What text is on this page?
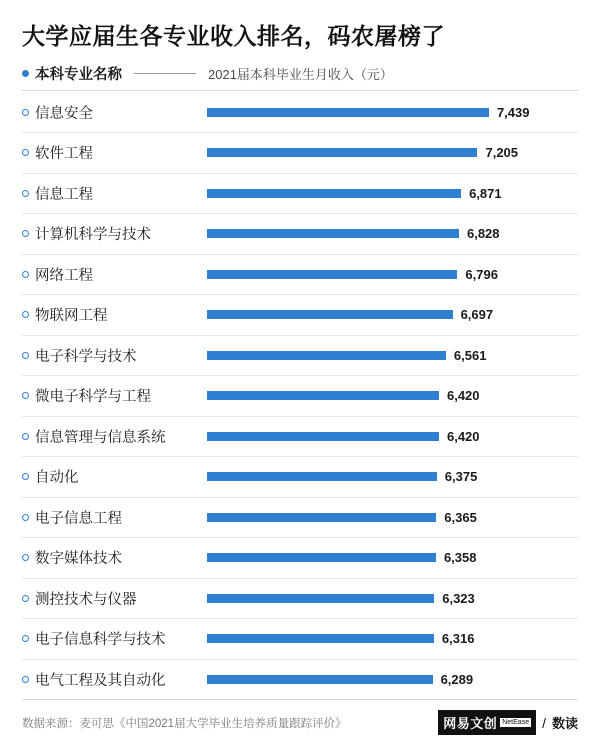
大学应届生各专业收入排名，码农屠榜了
本科专业名称	2021届本科毕业生月收入（元）
信息安全	7,439
软件工程	7,205
信息工程	6,871
计算机科学与技术	6,828
网络工程	6,796
物联网工程	6,697
电子科学与技术	6,561
微电子科学与工程	6,420
信息管理与信息系统	6,420
自动化	6,375
电子信息工程	6,365
数字媒体技术	6,358
测控技术与仪器	6,323
电子信息科学与技术	6,316
电气工程及其自动化	6,289
数据来源：麦可思《中国2021届大学毕业生培养质量跟踪评价》	网易文创 NetEase / 数读
